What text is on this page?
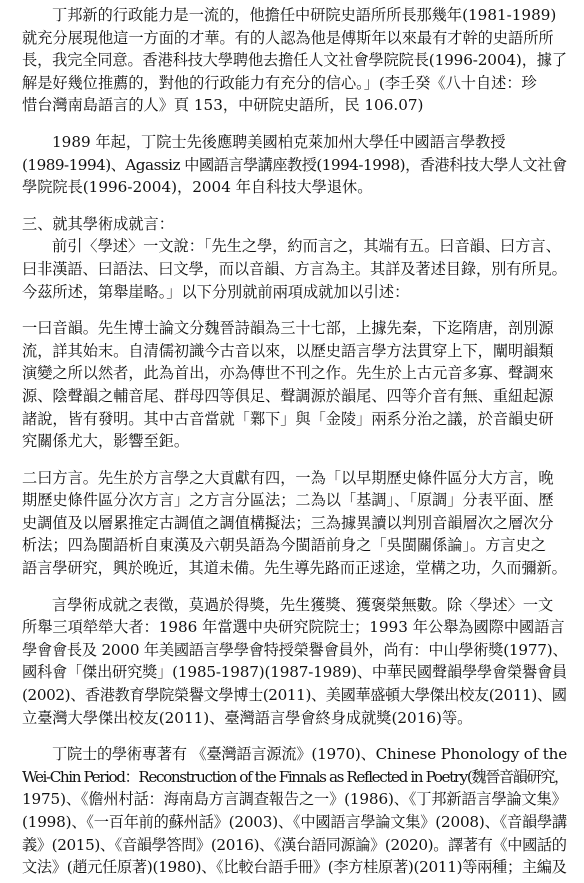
丁邦新的行政能力是一流的，他擔任中研院史語所所長那幾年(1981-1989)
就充分展現他這一方面的才華。有的人認為他是傅斯年以來最有才幹的史語所所
長，我完全同意。香港科技大學聘他去擔任人文社會學院院長(1996-2004)，據了
解是好幾位推薦的，對他的行政能力有充分的信心。」(李壬癸《八十自述：珍
惜台灣南島語言的人》頁 153，中研院史語所，民 106.07)

1989 年起，丁院士先後應聘美國柏克萊加州大學任中國語言學教授
(1989-1994)、Agassiz 中國語言學講座教授(1994-1998)，香港科技大學人文社會
學院院長(1996-2004)，2004 年自科技大學退休。

三、就其學術成就言：

前引〈學述〉一文說：「先生之學，約而言之，其端有五。曰音韻、曰方言、
曰非漢語、曰語法、曰文學，而以音韻、方言為主。其詳及著述目錄，別有所見。
今茲所述，第舉崖略。」以下分別就前兩項成就加以引述：

一曰音韻。先生博士論文分魏晉詩韻為三十七部，上據先秦，下迄隋唐，剖別源
流，詳其始末。自清儒初識今古音以來，以歷史語言學方法貫穿上下，闡明韻類
演變之所以然者，此為首出，亦為傳世不刊之作。先生於上古元音多寡、聲調來
源、陰聲韻之輔音尾、群母四等俱足、聲調源於韻尾、四等介音有無、重紐起源
諸說，皆有發明。其中古音當就「鄴下」與「金陵」兩系分治之議，於音韻史研
究關係尤大，影響至鉅。

二曰方言。先生於方言學之大貢獻有四，一為「以早期歷史條件區分大方言，晚
期歷史條件區分次方言」之方言分區法；二為以「基調」、「原調」分表平面、歷
史調值及以層累推定古調值之調值構擬法；三為據異讀以判別音韻層次之層次分
析法；四為閩語析自東漢及六朝吳語為今閩語前身之「吳閩關係論」。方言史之
語言學研究，興於晚近，其道未備。先生導先路而正逑途，堂構之功，久而彌新。

言學術成就之表徵，莫過於得獎，先生獲獎、獲褒榮無數。除〈學述〉一文
所舉三項犖犖大者：1986 年當選中央研究院院士；1993 年公舉為國際中國語言
學會會長及 2000 年美國語言學學會特授榮譽會員外，尚有：中山學術獎(1977)、
國科會「傑出研究獎」(1985-1987)(1987-1989)、中華民國聲韻學學會榮譽會員
(2002)、香港教育學院榮譽文學博士(2011)、美國華盛頓大學傑出校友(2011)、國
立臺灣大學傑出校友(2011)、臺灣語言學會終身成就獎(2016)等。

丁院士的學術專著有 《臺灣語言源流》(1970)、Chinese Phonology of the
Wei-Chin Period：Reconstruction of the Finnals as Reflected in Poetry(魏晉音韻研究，
1975)、《儋州村話：海南島方言調查報告之一》(1986)、《丁邦新語言學論文集》
(1998)、《一百年前的蘇州話》(2003)、《中國語言學論文集》(2008)、《音韻學講
義》(2015)、《音韻學答問》(2016)、《漢台語同源論》(2020)。譯著有《中國話的
文法》(趙元任原著)(1980)、《比較台語手冊》(李方桂原著)(2011)等兩種；主編及
